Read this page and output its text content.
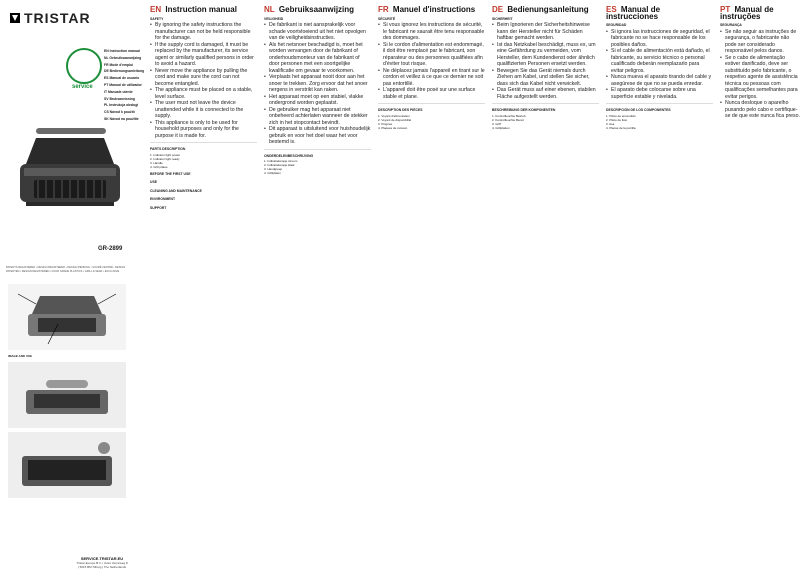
TRISTAR
service
EN Instruction manual
NL Gebruiksaanwijzing
FR Mode d'emploi
DE Bedienungsanleitung
ES Manual de usuario
PT Manual de utilizador
IT Manuale utente
SV Bruksanvisning
PL Instrukcja obsługi
CS Návod k použití
SK Návod na použitie
GR-2899
PATENTS REGISTERED • DESIGN REGISTERED • DESIGN PENDING • SOUDÉ CENTRÉ • DESIGN PATENTED • DESIGN REGISTERED • FOOD GRADE PLASTICS • GRILL & SEAR • EXCLUSIVE
IMAGE AND USE
SERVICE.TRISTAR.EU
Tristar Europe B.V. | Jules Verneweg 8 | 5015 BM Tilburg | The Netherlands
EN Instruction manual
SAFETY

• By ignoring the safety instructions the manufacturer can not be held responsible for the damage.

• If the supply cord is damaged, it must be replaced by the manufacturer, its service agent or similarly qualified persons in order to avoid a hazard.

• Never move the appliance by pulling the cord and make sure the cord can not become entangled.

• The appliance must be placed on a stable, level surface.

• The user must not leave the device unattended while it is connected to the supply.

• This appliance is only to be used for household purposes and only for the purpose it is made for.

PARTS DESCRIPTION
1. Indicator light power
2. Indicator light ready
3. Handle
4. Grill plates
BEFORE THE FIRST USE
USE
CLEANING AND MAINTENANCE
ENVIRONMENT
SUPPORT
NL Gebruiksaanwijzing
VEILIGHEID

• De fabrikant is niet aansprakelijk voor schade voortvloeiend uit het niet opvolgen van de veiligheidsinstructies.

• Als het netsnoer beschadigd is, moet het worden vervangen door de fabrikant of onderhoudsmonteur van de fabrikant of door personen met een soortgelijke kwalificatie om gevaar te voorkomen.

• Verplaats het apparaat nooit door aan het snoer te trekken. Zorg ervoor dat het snoer nergens in verstrikt kan raken.

• Het apparaat moet op een stabiel, vlakke ondergrond worden geplaatst.

• De gebruiker mag het apparaat niet onbeheerd achterlaten wanneer de stekker zich in het stopcontact bevindt.

• Dit apparaat is uitsluitend voor huishoudelijk gebruik en voor het doel waar het voor bestemd is.

ONDERDELENBESCHRIJVING
1. Indicatielampje stroom
2. Indicatielampje klaar
3. Handgreep
4. Grillplaten
FR Manuel d'instructions
SÉCURITÉ

• Si vous ignorez les instructions de sécurité, le fabricant ne saurait être tenu responsable des dommages.

• Si le cordon d'alimentation est endommagé, il doit être remplacé par le fabricant, son réparateur ou des personnes qualifiées afin d'éviter tout risque.

• Ne déplacez jamais l'appareil en tirant sur le cordon et veillez à ce que ce dernier ne soit pas entortillé.

• L'appareil doit être posé sur une surface stable et plane.

DESCRIPTION DES PIÈCES
1. Voyant d'alimentation
2. Voyant de disponibilité
3. Poignée
4. Plaques de cuisson
DE Bedienungsanleitung
SICHERHEIT

• Beim Ignorieren der Sicherheitshinweise kann der Hersteller nicht für Schäden haftbar gemacht werden.

• Ist das Netzkabel beschädigt, muss es, um eine Gefährdung zu vermeiden, vom Hersteller, dem Kundendienst oder ähnlich qualifizierten Personen ersetzt werden.

• Bewegen Sie das Gerät niemals durch Ziehen am Kabel, und stellen Sie sicher, dass sich das Kabel nicht verwickelt.

• Das Gerät muss auf einer ebenen, stabilen Fläche aufgestellt werden.

BESCHREIBUNG DER KOMPONENTEN
1. Kontrollleuchte Betrieb
2. Kontrollleuchte Bereit
3. Griff
4. Grillplatten
ES Manual de instrucciones
SEGURIDAD

• Si ignora las instrucciones de seguridad, el fabricante no se hace responsable de los posibles daños.

• Si el cable de alimentación está dañado, el fabricante, su servicio técnico o personal cualificado deberán reemplazarlo para evitar peligros.

• Nunca mueva el aparato tirando del cable y asegúrese de que no se pueda enredar.

• El aparato debe colocarse sobre una superficie estable y nivelada.

DESCRIPCIÓN DE LOS COMPONENTES
1. Piloto de encendido
2. Piloto de listo
3. Asa
4. Placas de la parrilla
PT Manual de instruções
SEGURANÇA

• Se não seguir as instruções de segurança, o fabricante não pode ser considerado responsável pelos danos.

• Se o cabo de alimentação estiver danificado, deve ser substituído pelo fabricante, o respetivo agente de assistência técnica ou pessoas com qualificações semelhantes para evitar perigos.

• Nunca desloque o aparelho puxando pelo cabo e certifique-se de que este nunca fica preso.
